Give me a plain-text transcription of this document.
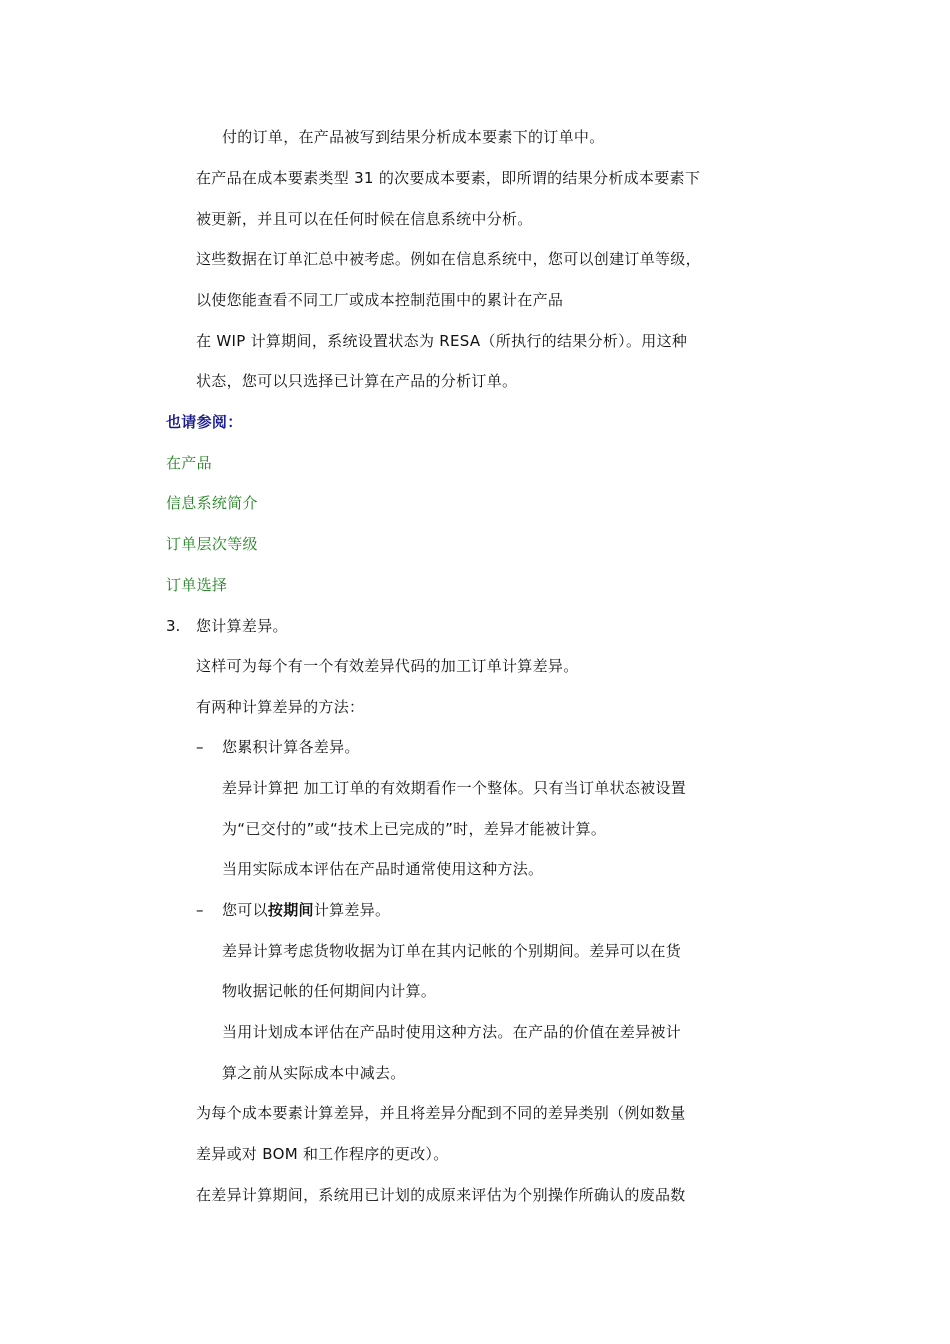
付的订单，在产品被写到结果分析成本要素下的订单中。
在产品在成本要素类型 31 的次要成本要素，即所谓的结果分析成本要素下
被更新，并且可以在任何时候在信息系统中分析。
这些数据在订单汇总中被考虑。例如在信息系统中，您可以创建订单等级，
以使您能查看不同工厂或成本控制范围中的累计在产品
在 WIP 计算期间，系统设置状态为 RESA（所执行的结果分析）。用这种
状态，您可以只选择已计算在产品的分析订单。
也请参阅：
在产品
信息系统简介
订单层次等级
订单选择
3. 您计算差异。
这样可为每个有一个有效差异代码的加工订单计算差异。
有两种计算差异的方法：
– 您累积计算各差异。
差异计算把 加工订单的有效期看作一个整体。只有当订单状态被设置
为“已交付的”或“技术上已完成的”时，差异才能被计算。
当用实际成本评估在产品时通常使用这种方法。
– 您可以按期间计算差异。
差异计算考虑货物收据为订单在其内记帐的个别期间。差异可以在货
物收据记帐的任何期间内计算。
当用计划成本评估在产品时使用这种方法。在产品的价值在差异被计
算之前从实际成本中减去。
为每个成本要素计算差异，并且将差异分配到不同的差异类别（例如数量
差异或对 BOM 和工作程序的更改）。
在差异计算期间，系统用已计划的成原来评估为个别操作所确认的废品数
